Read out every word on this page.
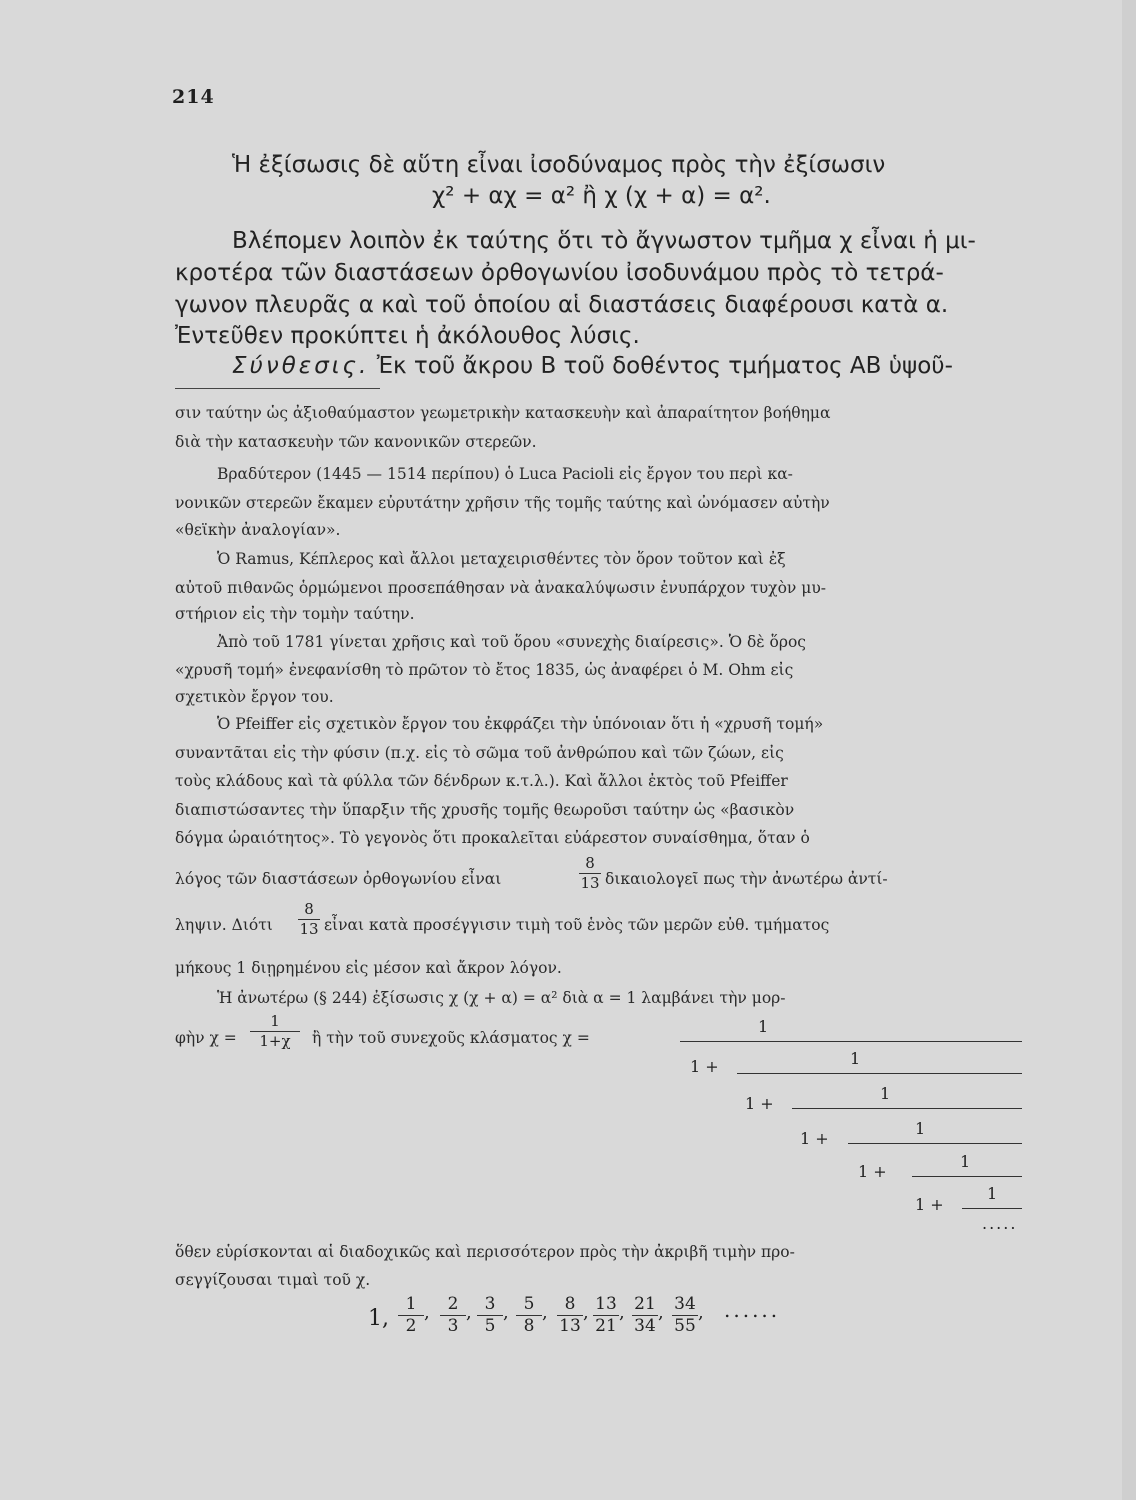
214
Ἡ ἐξίσωσις δὲ αὕτη εἶναι ἰσοδύναμος πρὸς τὴν ἐξίσωσιν
χ² + αχ = α² ἢ χ (χ + α) = α².
Βλέπομεν λοιπὸν ἐκ ταύτης ὅτι τὸ ἄγνωστον τμῆμα χ εἶναι ἡ μι-
κροτέρα τῶν διαστάσεων ὀρθογωνίου ἰσοδυνάμου πρὸς τὸ τετρά-
γωνον πλευρᾶς α καὶ τοῦ ὁποίου αἱ διαστάσεις διαφέρουσι κατὰ α.
Ἐντεῦθεν προκύπτει ἡ ἀκόλουθος λύσις.
Σύνθεσις. Ἐκ τοῦ ἄκρου Β τοῦ δοθέντος τμήματος ΑΒ ὑψοῦ-
σιν ταύτην ὡς ἀξιοθαύμαστον γεωμετρικὴν κατασκευὴν καὶ ἀπαραίτητον βοήθημα
διὰ τὴν κατασκευὴν τῶν κανονικῶν στερεῶν.
Βραδύτερον (1445 — 1514 περίπου) ὁ Luca Pacioli εἰς ἔργον του περὶ κα-
νονικῶν στερεῶν ἔκαμεν εὐρυτάτην χρῆσιν τῆς τομῆς ταύτης καὶ ὠνόμασεν αὐτὴν
«θεϊκὴν ἀναλογίαν».
Ὁ Ramus, Κέπλερος καὶ ἄλλοι μεταχειρισθέντες τὸν ὅρον τοῦτον καὶ ἐξ
αὐτοῦ πιθανῶς ὁρμώμενοι προσεπάθησαν νὰ ἀνακαλύψωσιν ἐνυπάρχον τυχὸν μυ-
στήριον εἰς τὴν τομὴν ταύτην.
Ἀπὸ τοῦ 1781 γίνεται χρῆσις καὶ τοῦ ὅρου «συνεχὴς διαίρεσις». Ὁ δὲ ὅρος
«χρυσῆ τομή» ἐνεφανίσθη τὸ πρῶτον τὸ ἔτος 1835, ὡς ἀναφέρει ὁ Μ. Ohm εἰς
σχετικὸν ἔργον του.
Ὁ Pfeiffer εἰς σχετικὸν ἔργον του ἐκφράζει τὴν ὑπόνοιαν ὅτι ἡ «χρυσῆ τομή»
συναντᾶται εἰς τὴν φύσιν (π.χ. εἰς τὸ σῶμα τοῦ ἀνθρώπου καὶ τῶν ζώων, εἰς
τοὺς κλάδους καὶ τὰ φύλλα τῶν δένδρων κ.τ.λ.). Καὶ ἄλλοι ἐκτὸς τοῦ Pfeiffer
διαπιστώσαντες τὴν ὕπαρξιν τῆς χρυσῆς τομῆς θεωροῦσι ταύτην ὡς «βασικὸν
δόγμα ὡραιότητος». Τὸ γεγονὸς ὅτι προκαλεῖται εὐάρεστον συναίσθημα, ὅταν ὁ
λόγος τῶν διαστάσεων ὀρθογωνίου εἶναι
8
13 δικαιολογεῖ πως τὴν ἀνωτέρω ἀντί-
ληψιν. Διότι
8
13 εἶναι κατὰ προσέγγισιν τιμὴ τοῦ ἑνὸς τῶν μερῶν εὐθ. τμήματος
μήκους 1 διῃρημένου εἰς μέσον καὶ ἄκρον λόγον.
Ἡ ἀνωτέρω (§ 244) ἐξίσωσις χ (χ + α) = α² διὰ α = 1 λαμβάνει τὴν μορ-
φὴν χ =
1
1+χ	ἢ τὴν τοῦ συνεχοῦς κλάσματος χ =
1
1 +	1
1 +
1
1 +
1
1 +
1
1 +
1
.....
ὅθεν εὑρίσκονται αἱ διαδοχικῶς καὶ περισσότερον πρὸς τὴν ἀκριβῆ τιμὴν προ-
σεγγίζουσαι τιμαὶ τοῦ χ.
1,
1
2
,	2
3
, 3
5
, 5
8
, 8
13
, 13
21
, 21
34
, 34
55
, ......
